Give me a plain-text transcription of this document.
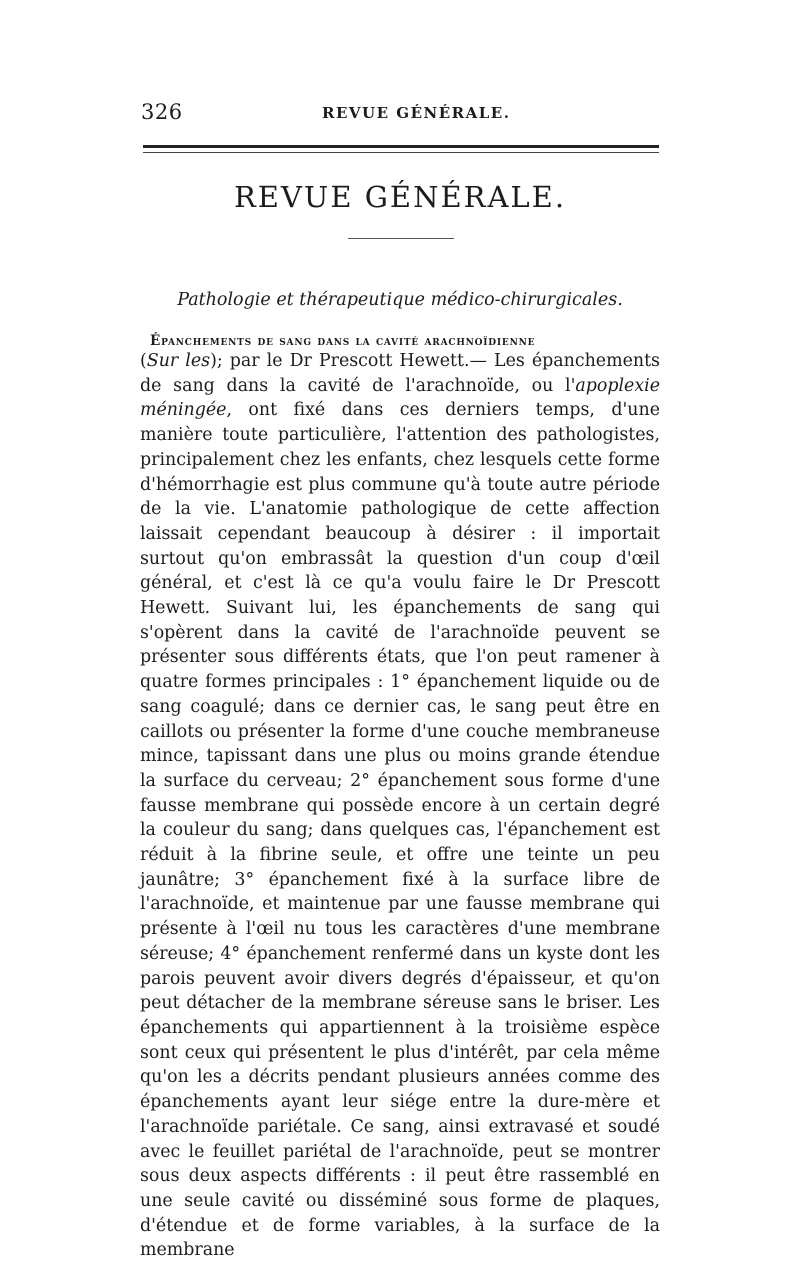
326	REVUE GÉNÉRALE.
REVUE GÉNÉRALE.
Pathologie et thérapeutique médico-chirurgicales.
Épanchements de sang dans la cavité arachnoïdienne
(Sur les); par le Dr Prescott Hewett.— Les épanchements de sang dans la cavité de l'arachnoïde, ou l'apoplexie méningée, ont fixé dans ces derniers temps, d'une manière toute particulière, l'attention des pathologistes, principalement chez les enfants, chez lesquels cette forme d'hémorrhagie est plus commune qu'à toute autre période de la vie. L'anatomie pathologique de cette affection laissait cependant beaucoup à désirer : il importait surtout qu'on embrassât la question d'un coup d'œil général, et c'est là ce qu'a voulu faire le Dr Prescott Hewett. Suivant lui, les épanchements de sang qui s'opèrent dans la cavité de l'arachnoïde peuvent se présenter sous différents états, que l'on peut ramener à quatre formes principales : 1° épanchement liquide ou de sang coagulé; dans ce dernier cas, le sang peut être en caillots ou présenter la forme d'une couche membraneuse mince, tapissant dans une plus ou moins grande étendue la surface du cerveau; 2° épanchement sous forme d'une fausse membrane qui possède encore à un certain degré la couleur du sang; dans quelques cas, l'épanchement est réduit à la fibrine seule, et offre une teinte un peu jaunâtre; 3° épanchement fixé à la surface libre de l'arachnoïde, et maintenue par une fausse membrane qui présente à l'œil nu tous les caractères d'une membrane séreuse; 4° épanchement renfermé dans un kyste dont les parois peuvent avoir divers degrés d'épaisseur, et qu'on peut détacher de la membrane séreuse sans le briser. Les épanchements qui appartiennent à la troisième espèce sont ceux qui présentent le plus d'intérêt, par cela même qu'on les a décrits pendant plusieurs années comme des épanchements ayant leur siége entre la dure-mère et l'arachnoïde pariétale. Ce sang, ainsi extravasé et soudé avec le feuillet pariétal de l'arachnoïde, peut se montrer sous deux aspects différents : il peut être rassemblé en une seule cavité ou disséminé sous forme de plaques, d'étendue et de forme variables, à la surface de la membrane
